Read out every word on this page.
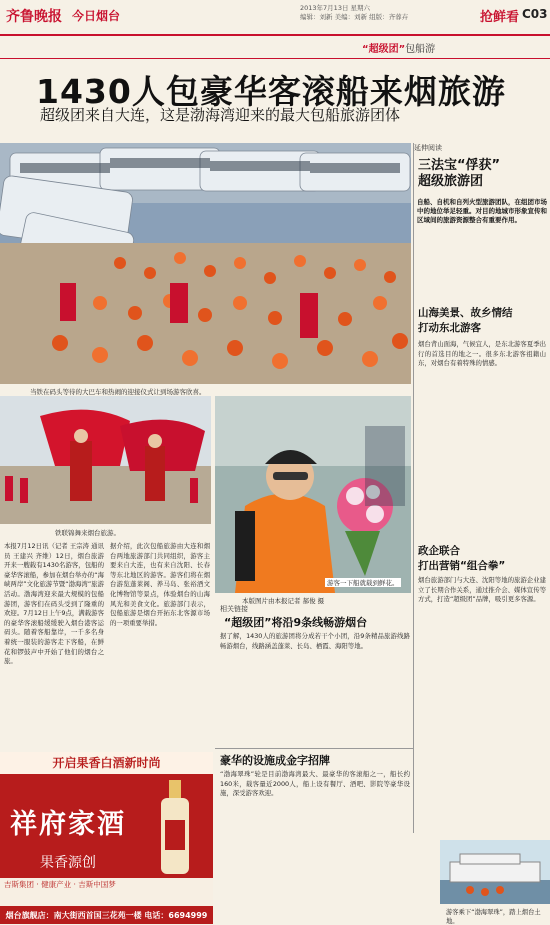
齐鲁晚报 今日烟台
2013年7月13日 星期六
编辑：刘新 美编：刘新 组版：齐蓉卉	抢鲜看 C03
“超级团”包船游
1430人包豪华客滚船来烟旅游
超级团来自大连，这是渤海湾迎来的最大包船旅游团体
当铁在码头等待的大巴车和热闹的迎接仪式让到场游客欣喜。
铁联锦舞来烟台旅游。
游客一下船就载到鲜花。
本版图片由本报记者 郝俊 摄
本报7月12日讯（记者 王宗涛 通讯员 王建兴 齐维）12日，烟台旅游开来一艘载有1430名游客，包船的豪华客滚船，参加在烟台举办的“海峡两岸”文化旅游节暨“渤海湾”旅游活动。渤海湾迎来最大规模的包船游团，游客们在码头受到了隆重的欢迎。7月12日上午9点，满载游客的豪华客滚船缓缓驶入烟台港客运码头。随着客船靠岸，一千多名身着统一服装的游客走下客船，在鲜花和锣鼓声中开始了他们的烟台之旅。
据介绍，此次包船旅游由大连和烟台两地旅游部门共同组织，游客主要来自大连，也有来自沈阳、长春等东北地区的游客。游客们将在烟台游览蓬莱阁、养马岛、张裕酒文化博物馆等景点，体验烟台的山海风光和美食文化。旅游部门表示，包船旅游是烟台开拓东北客源市场的一项重要举措。
延伸阅读
三法宝“俘获”
超级旅游团
自船、自机和自列火型旅游团队，在组团市场中的地位举足轻重。对目的地城市形象宣传和区域间的旅游资源整合有重要作用。
山海美景、故乡情结
打动东北游客
烟台背山面海，气候宜人，是东北游客夏季出行的首选目的地之一。很多东北游客祖籍山东，对烟台有着特殊的情感。
政企联合
打出营销“组合拳”
烟台旅游部门与大连、沈阳等地的旅游企业建立了长期合作关系，通过推介会、媒体宣传等方式，打造“超级团”品牌，吸引更多客源。
相关链接
“超级团”将沿9条线畅游烟台
据了解，1430人的旅游团将分成若干个小团，沿9条精品旅游线路畅游烟台，线路涵盖蓬莱、长岛、栖霞、海阳等地。
豪华的设施成金字招牌
“渤海翠珠”轮是目前渤海湾最大、最豪华的客滚船之一，船长约160米，载客量近2000人，船上设有餐厅、酒吧、影院等豪华设施，深受游客欢迎。
开启果香白酒新时尚
祥府家酒
果香源创
吉斯集团 · 健康产业 · 吉斯中国梦
烟台旗舰店：南大街西首国三花苑一楼 电话：6694999	游客乘下“渤海翠珠”，踏上烟台土地。
